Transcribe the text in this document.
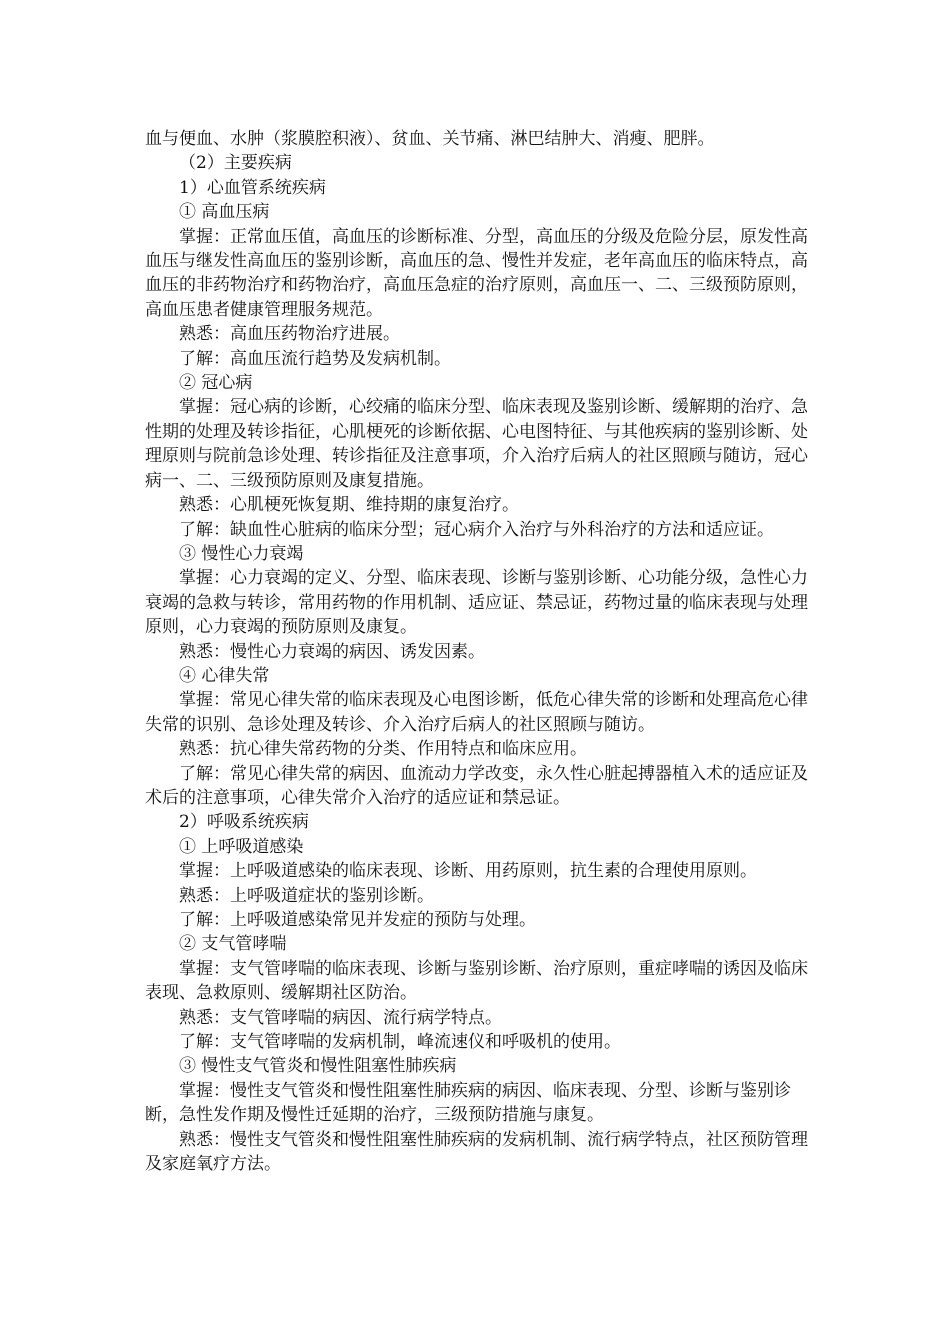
血与便血、水肿（浆膜腔积液）、贫血、关节痛、淋巴结肿大、消瘦、肥胖。

（2）主要疾病

1）心血管系统疾病

① 高血压病

掌握：正常血压值，高血压的诊断标准、分型，高血压的分级及危险分层，原发性高血压与继发性高血压的鉴别诊断，高血压的急、慢性并发症，老年高血压的临床特点，高血压的非药物治疗和药物治疗，高血压急症的治疗原则，高血压一、二、三级预防原则，高血压患者健康管理服务规范。

熟悉：高血压药物治疗进展。

了解：高血压流行趋势及发病机制。

② 冠心病

掌握：冠心病的诊断，心绞痛的临床分型、临床表现及鉴别诊断、缓解期的治疗、急性期的处理及转诊指征，心肌梗死的诊断依据、心电图特征、与其他疾病的鉴别诊断、处理原则与院前急诊处理、转诊指征及注意事项，介入治疗后病人的社区照顾与随访，冠心病一、二、三级预防原则及康复措施。

熟悉：心肌梗死恢复期、维持期的康复治疗。

了解：缺血性心脏病的临床分型；冠心病介入治疗与外科治疗的方法和适应证。

③ 慢性心力衰竭

掌握：心力衰竭的定义、分型、临床表现、诊断与鉴别诊断、心功能分级，急性心力衰竭的急救与转诊，常用药物的作用机制、适应证、禁忌证，药物过量的临床表现与处理原则，心力衰竭的预防原则及康复。

熟悉：慢性心力衰竭的病因、诱发因素。

④ 心律失常

掌握：常见心律失常的临床表现及心电图诊断，低危心律失常的诊断和处理高危心律失常的识别、急诊处理及转诊、介入治疗后病人的社区照顾与随访。

熟悉：抗心律失常药物的分类、作用特点和临床应用。

了解：常见心律失常的病因、血流动力学改变，永久性心脏起搏器植入术的适应证及术后的注意事项，心律失常介入治疗的适应证和禁忌证。

2）呼吸系统疾病

① 上呼吸道感染

掌握：上呼吸道感染的临床表现、诊断、用药原则，抗生素的合理使用原则。

熟悉：上呼吸道症状的鉴别诊断。

了解：上呼吸道感染常见并发症的预防与处理。

② 支气管哮喘

掌握：支气管哮喘的临床表现、诊断与鉴别诊断、治疗原则，重症哮喘的诱因及临床表现、急救原则、缓解期社区防治。

熟悉：支气管哮喘的病因、流行病学特点。

了解：支气管哮喘的发病机制，峰流速仪和呼吸机的使用。

③ 慢性支气管炎和慢性阻塞性肺疾病

掌握：慢性支气管炎和慢性阻塞性肺疾病的病因、临床表现、分型、诊断与鉴别诊断，急性发作期及慢性迁延期的治疗，三级预防措施与康复。

熟悉：慢性支气管炎和慢性阻塞性肺疾病的发病机制、流行病学特点，社区预防管理及家庭氧疗方法。
